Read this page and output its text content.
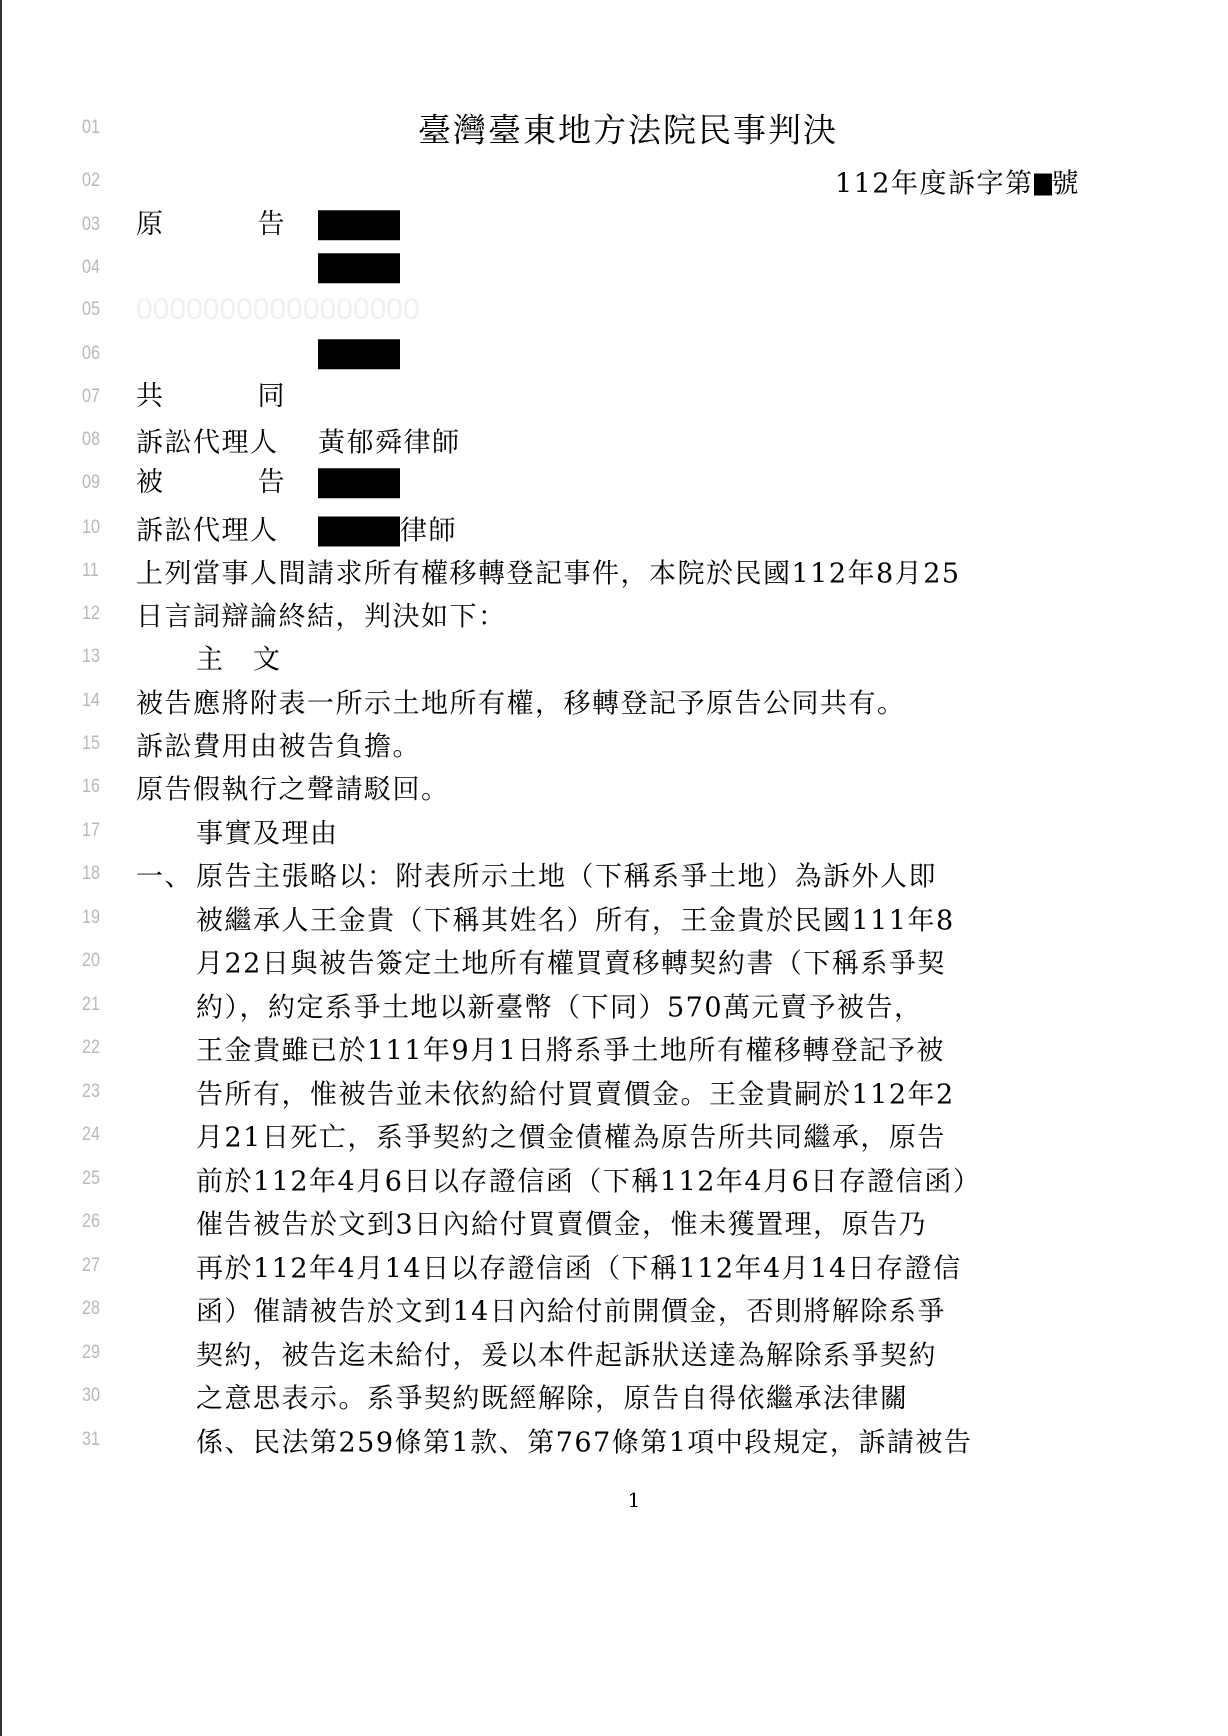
01	臺灣臺東地方法院民事判決
02	112年度訴字第 號
03	原	告
04
05	00000000000000000
06
07	共	同
08	訴訟代理人 黃郁舜律師
09	被	告
10	訴訟代理人	律師
11	上列當事人間請求所有權移轉登記事件，本院於民國112年8月25
12	日言詞辯論終結，判決如下：
13	主　文
14	被告應將附表一所示土地所有權，移轉登記予原告公同共有。
15	訴訟費用由被告負擔。
16	原告假執行之聲請駁回。
17	事實及理由
18	一、 原告主張略以：附表所示土地（下稱系爭土地）為訴外人即
19	被繼承人王金貴（下稱其姓名）所有，王金貴於民國111年8
20	月22日與被告簽定土地所有權買賣移轉契約書（下稱系爭契
21	約），約定系爭土地以新臺幣（下同）570萬元賣予被告，
22	王金貴雖已於111年9月1日將系爭土地所有權移轉登記予被
23	告所有，惟被告並未依約給付買賣價金。王金貴嗣於112年2
24	月21日死亡，系爭契約之價金債權為原告所共同繼承，原告
25	前於112年4月6日以存證信函（下稱112年4月6日存證信函）
26	催告被告於文到3日內給付買賣價金，惟未獲置理，原告乃
27	再於112年4月14日以存證信函（下稱112年4月14日存證信
28	函）催請被告於文到14日內給付前開價金，否則將解除系爭
29	契約，被告迄未給付，爰以本件起訴狀送達為解除系爭契約
30	之意思表示。系爭契約既經解除，原告自得依繼承法律關
31	係、民法第259條第1款、第767條第1項中段規定，訴請被告
1
